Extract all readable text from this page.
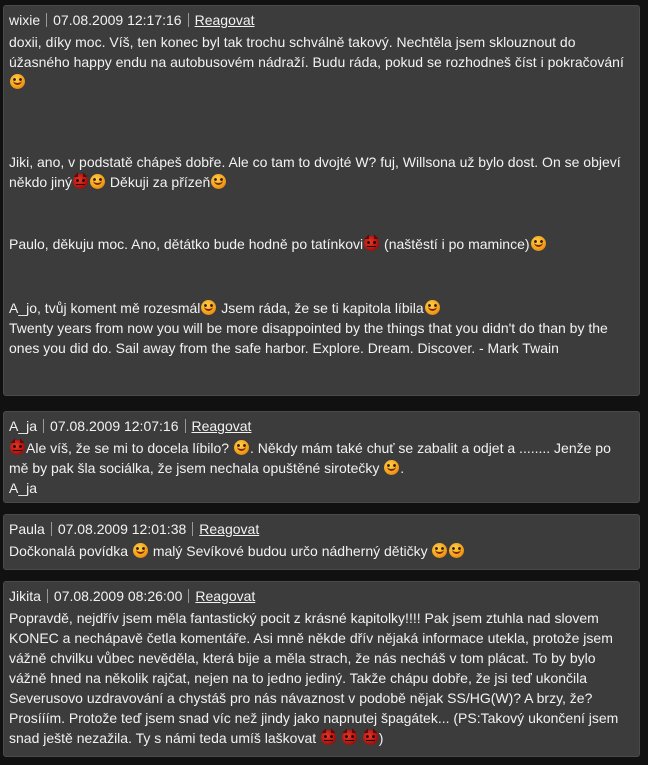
wixie 07.08.2009 12:17:16 Reagovat

doxii, díky moc. Víš, ten konec byl tak trochu schválně takový. Nechtěla jsem sklouznout do úžasného happy endu na autobusovém nádraží. Budu ráda, pokud se rozhodneš číst i pokračování

Jiki, ano, v podstatě chápeš dobře. Ale co tam to dvojté W? fuj, Willsona už bylo dost. On se objeví někdo jiný Děkuji za přízeň

Paulo, děkuju moc. Ano, dětátko bude hodně po tatínkovi (naštěstí i po mamince)

A_jo, tvůj koment mě rozesmál Jsem ráda, že se ti kapitola líbila

Twenty years from now you will be more disappointed by the things that you didn't do than by the ones you did do. Sail away from the safe harbor. Explore. Dream. Discover. - Mark Twain

A_ja 07.08.2009 12:07:16 Reagovat

Ale víš, že se mi to docela líbilo? . Někdy mám také chuť se zabalit a odjet a ........ Jenže po mě by pak šla sociálka, že jsem nechala opuštěné sirotečky .

A_ja

Paula 07.08.2009 12:01:38 Reagovat

Dočkonalá povídka  malý Sevíkové budou určo nádherný dětičky

Jikita 07.08.2009 08:26:00 Reagovat

Popravdě, nejdřív jsem měla fantastický pocit z krásné kapitolky!!!! Pak jsem ztuhla nad slovem KONEC a nechápavě četla komentáře. Asi mně někde dřív nějaká informace utekla, protože jsem vážně chvilku vůbec nevěděla, která bije a měla strach, že nás necháš v tom plácat. To by bylo vážně hned na několik rajčat, nejen na to jedno jediný. Takže chápu dobře, že jsi teď ukončila Severusovo uzdravování a chystáš pro nás návaznost v podobě nějak SS/HG(W)? A brzy, že? Prosííím. Protože teď jsem snad víc než jindy jako napnutej špagátek... (PS:Takový ukončení jsem snad ještě nezažila. Ty s námi teda umíš laškovat	)
